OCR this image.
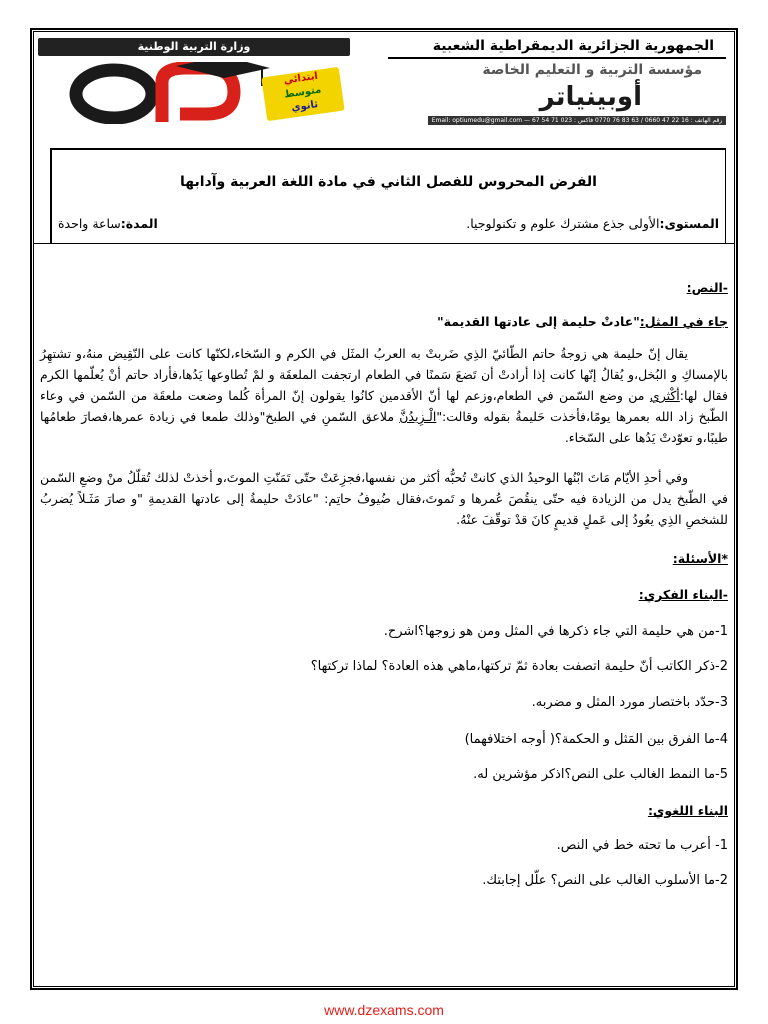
وزارة التربية الوطنية	الجمهورية الجزائرية الديمقراطية الشعبية
مؤسسة التربية و التعليم الخاصة
أوبينياتر
رقم الهاتف : 16 22 47 0660 / 63 83 76 0770 فاكس : 023 71 54 67 — Email: optiumedu@gmail.com
ابتدائي
متوسط
ثانوي
الفرض المحروس للفصل الثاني في مادة اللغة العربية وآدابها
المستوى:الأولى جذع مشترك علوم و تكنولوجيا.
المدة:ساعة واحدة
-النص:
جاء في المثل:"عادتْ حليمة إلى عادتها القديمة"
يقال إنّ حليمة هي زوجةُ حاتم الطّائيّ الذِي ضَربتْ به العربُ المثَل في الكرم و السّخاء،لكنّها كانت على النّقِيض منهُ،و تشتهِرُ بالإمساكِ و البُخل،و يُقالُ إنّها كانت إذا أرادتْ أن تَضعَ سَمنًا في الطعام ارتجفت الملعقَة و لمْ تُطاوعها يَدُها،فأراد حاتم أنْ يُعلّمها الكرم فقال لها:أكْثري من وضع السّمن في الطعام،وزعم لها أنّ الأقدمين كانُوا يقولون إنّ المرأة كُلما وضعت ملعقَة من السّمن في وعاء الطّبخ زاد الله بعمرها يومًا،فأخذت حَليمةُ بقوله وقالت:"الْـزِيدُنَّ ملاعق السّمنِ في الطبخ"وذلك طمعا في زيادة عمرها،فصارَ طعامُها طيبًا،و تعوّدتْ يَدُها على السّخاء.
وفي أحدِ الأيّام مَاتَ ابْنُها الوحيدُ الذي كانتْ تُحبُّه أكثر من نفسها،فجزِعَتْ حتّى تَمَنّتِ الموتَ،و أخذتْ لذلك تُقلّلُ منْ وضعِ السّمن في الطّبخ يدل من الزيادة فيه حتّى ينقُصَ عُمرها و تَموتَ،فقال ضُيوفُ حاتِم: "عادَتْ حليمةُ إلى عادتها القديمةِ "و صارَ مَثَـلاً يُضربُ للشخصِ الذِي يعُودُ إلى عَملٍ قديمٍ كانَ قدْ توقّفَ عنْهُ.
*الأسئلة:
-البناء الفكري:
1-من هي حليمة التي جاء ذكرها في المثل ومن هو زوجها؟اشرح.
2-ذكر الكاتب أنّ حليمة اتصفت بعادة ثمّ تركتها،ماهي هذه العادة؟ لماذا تركتها؟
3-حدّد باختصار مورد المثل و مضربه.
4-ما الفرق بين المَثل و الحكمة؟( أوجه اختلافهما)
5-ما النمط الغالب على النص؟اذكر مؤشرين له.
البناء اللغوي:
1- أعرب ما تحته خط في النص.
2-ما الأسلوب الغالب على النص؟ علّل إجابتك.
www.dzexams.com
